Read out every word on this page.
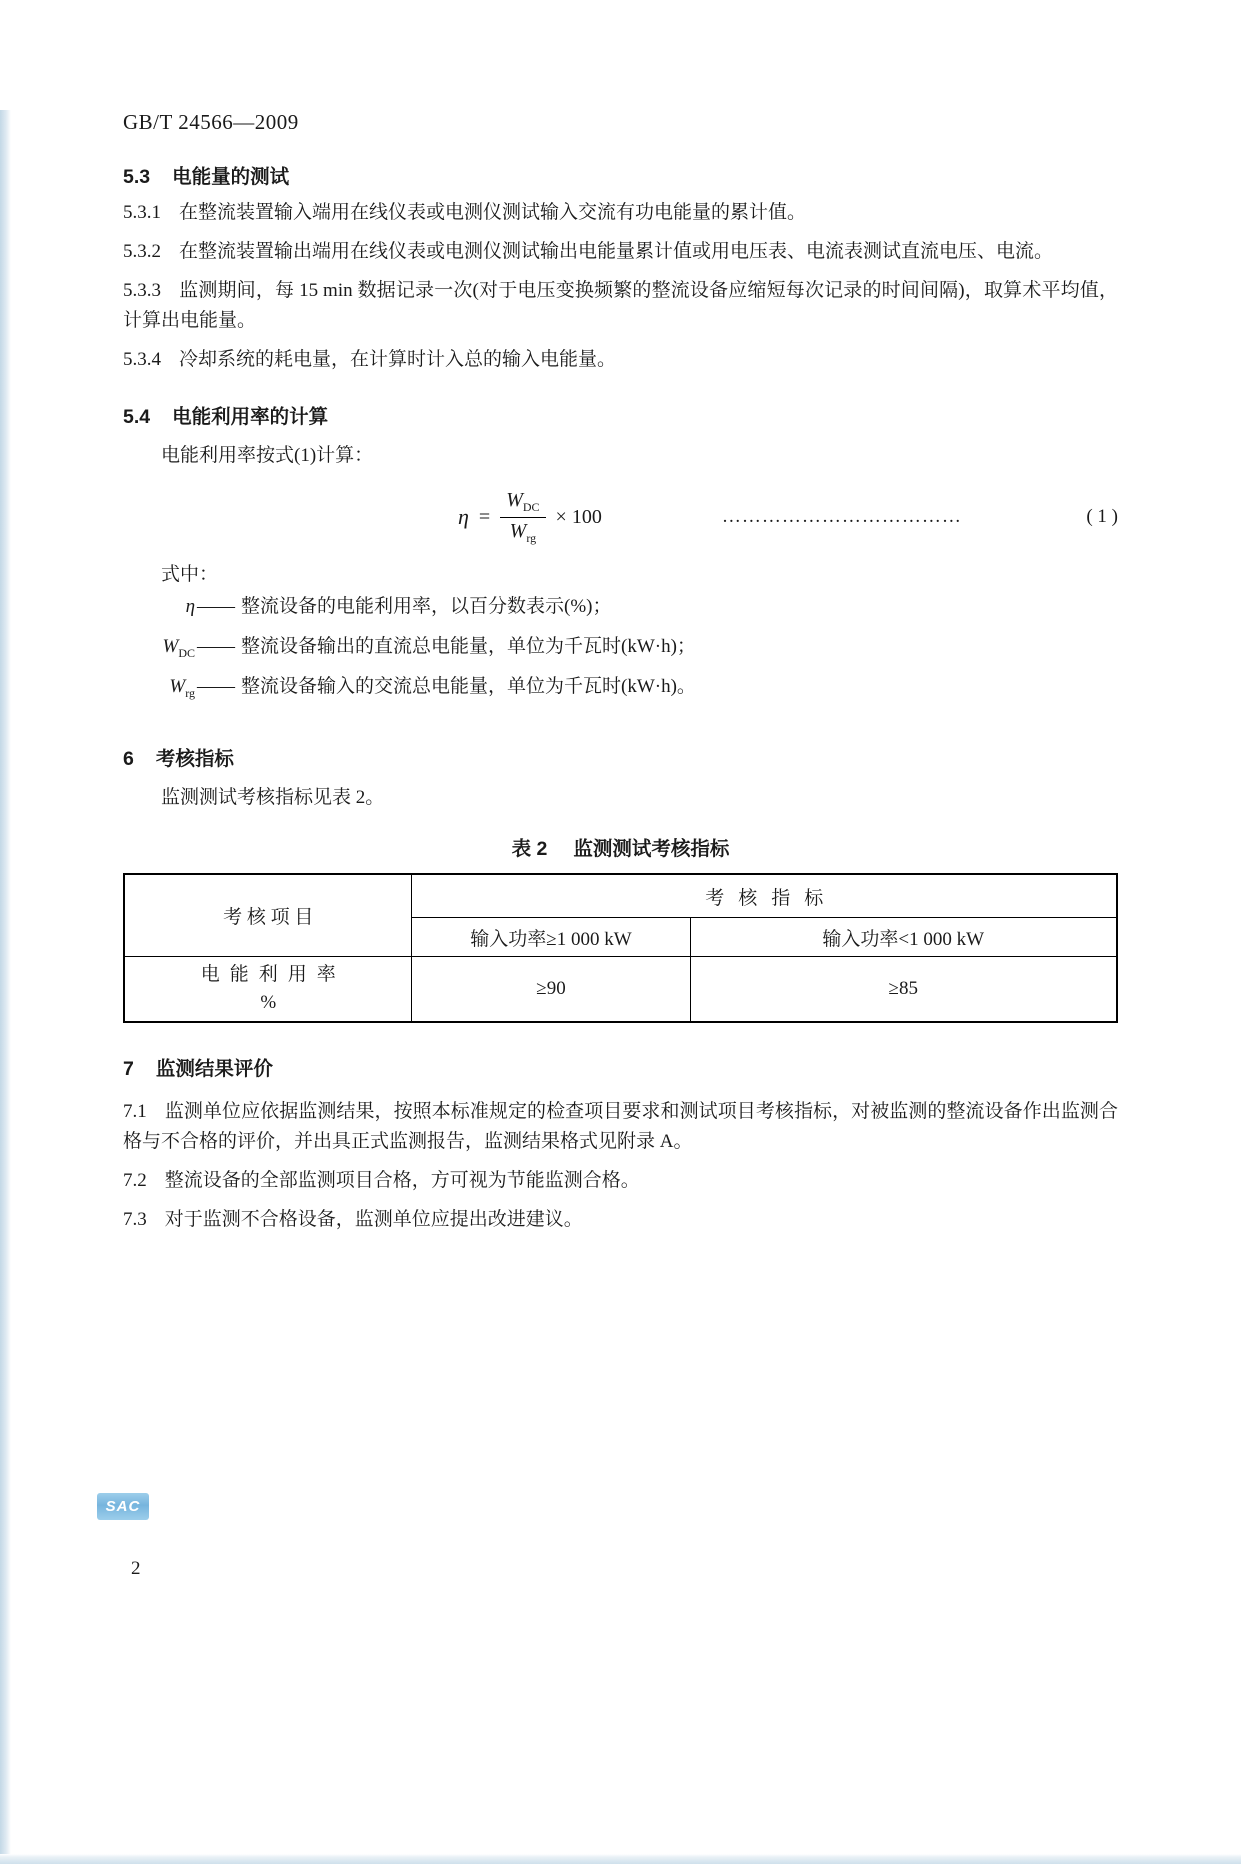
GB/T 24566—2009
5.3 电能量的测试

5.3.1 在整流装置输入端用在线仪表或电测仪测试输入交流有功电能量的累计值。

5.3.2 在整流装置输出端用在线仪表或电测仪测试输出电能量累计值或用电压表、电流表测试直流电压、电流。

5.3.3 监测期间，每 15 min 数据记录一次(对于电压变换频繁的整流设备应缩短每次记录的时间间隔)，取算术平均值，计算出电能量。

5.3.4 冷却系统的耗电量，在计算时计入总的输入电能量。

5.4 电能利用率的计算

电能利用率按式(1)计算：

$\eta = \frac{W_{DC}}{W_{rg}} \times 100$	………………………………	( 1 )
式中：
η —— 整流设备的电能利用率，以百分数表示(%)；
$W_{DC}$ —— 整流设备输出的直流总电能量，单位为千瓦时(kW·h)；
$W_{rg}$ —— 整流设备输入的交流总电能量，单位为千瓦时(kW·h)。
6 考核指标

监测测试考核指标见表 2。

表 2 监测测试考核指标
考 核 项 目	考核指标	
	输入功率≥1 000 kW	输入功率<1 000 kW

电能利用率
%	≥90	≥85
7 监测结果评价

7.1 监测单位应依据监测结果，按照本标准规定的检查项目要求和测试项目考核指标，对被监测的整流设备作出监测合格与不合格的评价，并出具正式监测报告，监测结果格式见附录 A。

7.2 整流设备的全部监测项目合格，方可视为节能监测合格。

7.3 对于监测不合格设备，监测单位应提出改进建议。

SAC
2
